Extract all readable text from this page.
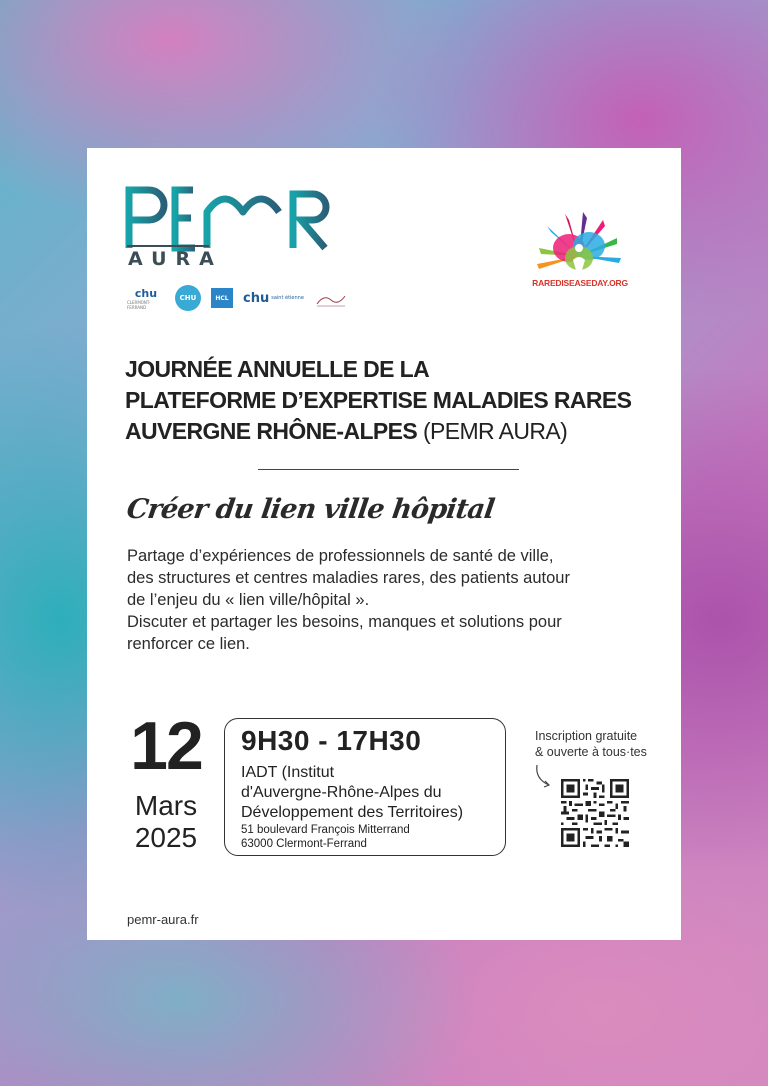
AURA
chu
CLERMONT-FERRAND
CHU	HCL	chu saint étienne
RAREDISEASEDAY.ORG
JOURNÉE ANNUELLE DE LA
PLATEFORME D’EXPERTISE MALADIES RARES
AUVERGNE RHÔNE-ALPES (PEMR AURA)
Créer du lien ville hôpital
Partage d’expériences de professionnels de santé de ville,
des structures et centres maladies rares, des patients autour
de l’enjeu du « lien ville/hôpital ».
Discuter et partager les besoins, manques et solutions pour
renforcer ce lien.
12
Mars
2025
9H30 - 17H30
IADT (Institut
d'Auvergne-Rhône-Alpes du
Développement des Territoires)
51 boulevard François Mitterrand
63000 Clermont-Ferrand
Inscription gratuite
& ouverte à tous·tes
pemr-aura.fr
